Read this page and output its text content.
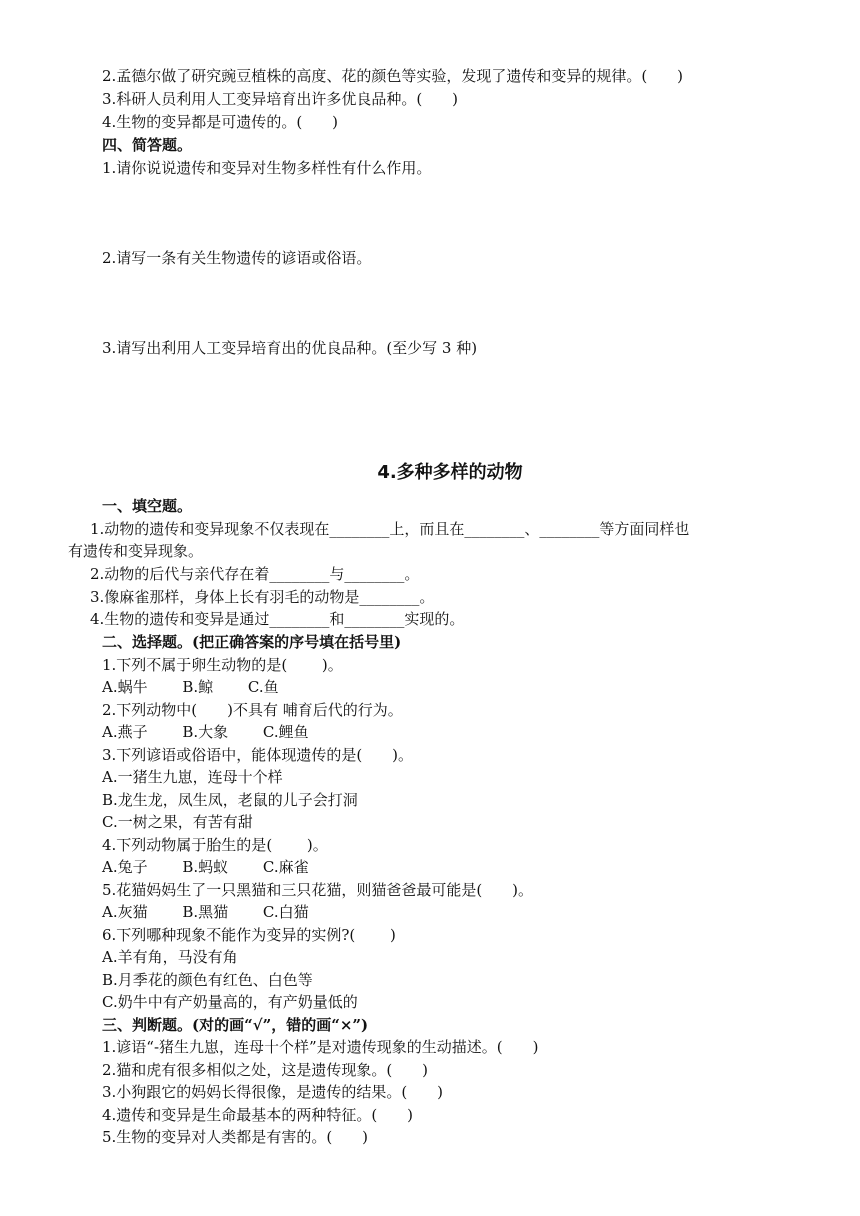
2.孟德尔做了研究豌豆植株的高度、花的颜色等实验，发现了遗传和变异的规律。(　　)
3.科研人员利用人工变异培育出许多优良品种。(　　)
4.生物的变异都是可遗传的。(　　)
四、简答题。
1.请你说说遗传和变异对生物多样性有什么作用。
2.请写一条有关生物遗传的谚语或俗语。
3.请写出利用人工变异培育出的优良品种。(至少写 3 种)
4.多种多样的动物
一、填空题。
1.动物的遗传和变异现象不仅表现在________上，而且在________、________等方面同样也
有遗传和变异现象。
2.动物的后代与亲代存在着________与________。
3.像麻雀那样，身体上长有羽毛的动物是________。
4.生物的遗传和变异是通过________和________实现的。
二、选择题。(把正确答案的序号填在括号里)
1.下列不属于卵生动物的是(　　 )。
A.蜗牛　　 B.鲸　　 C.鱼
2.下列动物中(　　)不具有 哺育后代的行为。
A.燕子　　 B.大象　　 C.鲤鱼
3.下列谚语或俗语中，能体现遗传的是(　　)。
A.一猪生九崽，连母十个样
B.龙生龙，凤生凤，老鼠的儿子会打洞
C.一树之果，有苦有甜
4.下列动物属于胎生的是(　　 )。
A.兔子　　 B.蚂蚁　　 C.麻雀
5.花猫妈妈生了一只黑猫和三只花猫，则猫爸爸最可能是(　　)。
A.灰猫　　 B.黑猫　　 C.白猫
6.下列哪种现象不能作为变异的实例?(　　 )
A.羊有角，马没有角
B.月季花的颜色有红色、白色等
C.奶牛中有产奶量高的，有产奶量低的
三、判断题。(对的画“√”，错的画“×”)
1.谚语“-猪生九崽，连母十个样”是对遗传现象的生动描述。(　　)
2.猫和虎有很多相似之处，这是遗传现象。(　　)
3.小狗跟它的妈妈长得很像，是遗传的结果。(　　)
4.遗传和变异是生命最基本的两种特征。(　　)
5.生物的变异对人类都是有害的。(　　)
